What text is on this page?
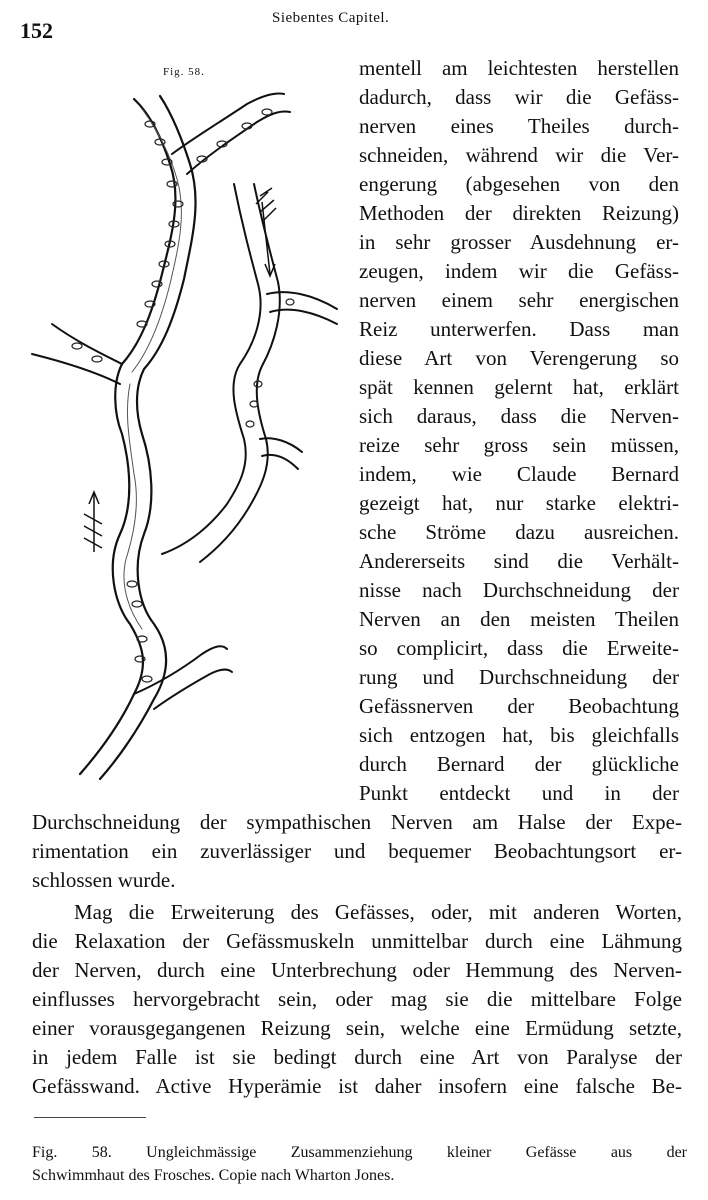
152	Siebentes Capitel.
Fig. 58.	mentell am leichtesten herstellen
dadurch, dass wir die Gefäss-
nerven eines Theiles durch-
schneiden, während wir die Ver-
engerung (abgesehen von den
Methoden der direkten Reizung)
in sehr grosser Ausdehnung er-
zeugen, indem wir die Gefäss-
nerven einem sehr energischen
Reiz unterwerfen. Dass man
diese Art von Verengerung so
spät kennen gelernt hat, erklärt
sich daraus, dass die Nerven-
reize sehr gross sein müssen,
indem, wie Claude Bernard
gezeigt hat, nur starke elektri-
sche Ströme dazu ausreichen.
Andererseits sind die Verhält-
nisse nach Durchschneidung der
Nerven an den meisten Theilen
so complicirt, dass die Erweite-
rung und Durchschneidung der
Gefässnerven der Beobachtung
sich entzogen hat, bis gleichfalls
durch Bernard der glückliche
Punkt entdeckt und in der
Durchschneidung der sympathischen Nerven am Halse der Expe-
rimentation ein zuverlässiger und bequemer Beobachtungsort er-
schlossen wurde.
Mag die Erweiterung des Gefässes, oder, mit anderen Worten,
die Relaxation der Gefässmuskeln unmittelbar durch eine Lähmung
der Nerven, durch eine Unterbrechung oder Hemmung des Nerven-
einflusses hervorgebracht sein, oder mag sie die mittelbare Folge
einer vorausgegangenen Reizung sein, welche eine Ermüdung setzte,
in jedem Falle ist sie bedingt durch eine Art von Paralyse der
Gefässwand. Active Hyperämie ist daher insofern eine falsche Be-
Fig. 58. Ungleichmässige Zusammenziehung kleiner Gefässe aus der
Schwimmhaut des Frosches. Copie nach Wharton Jones.
